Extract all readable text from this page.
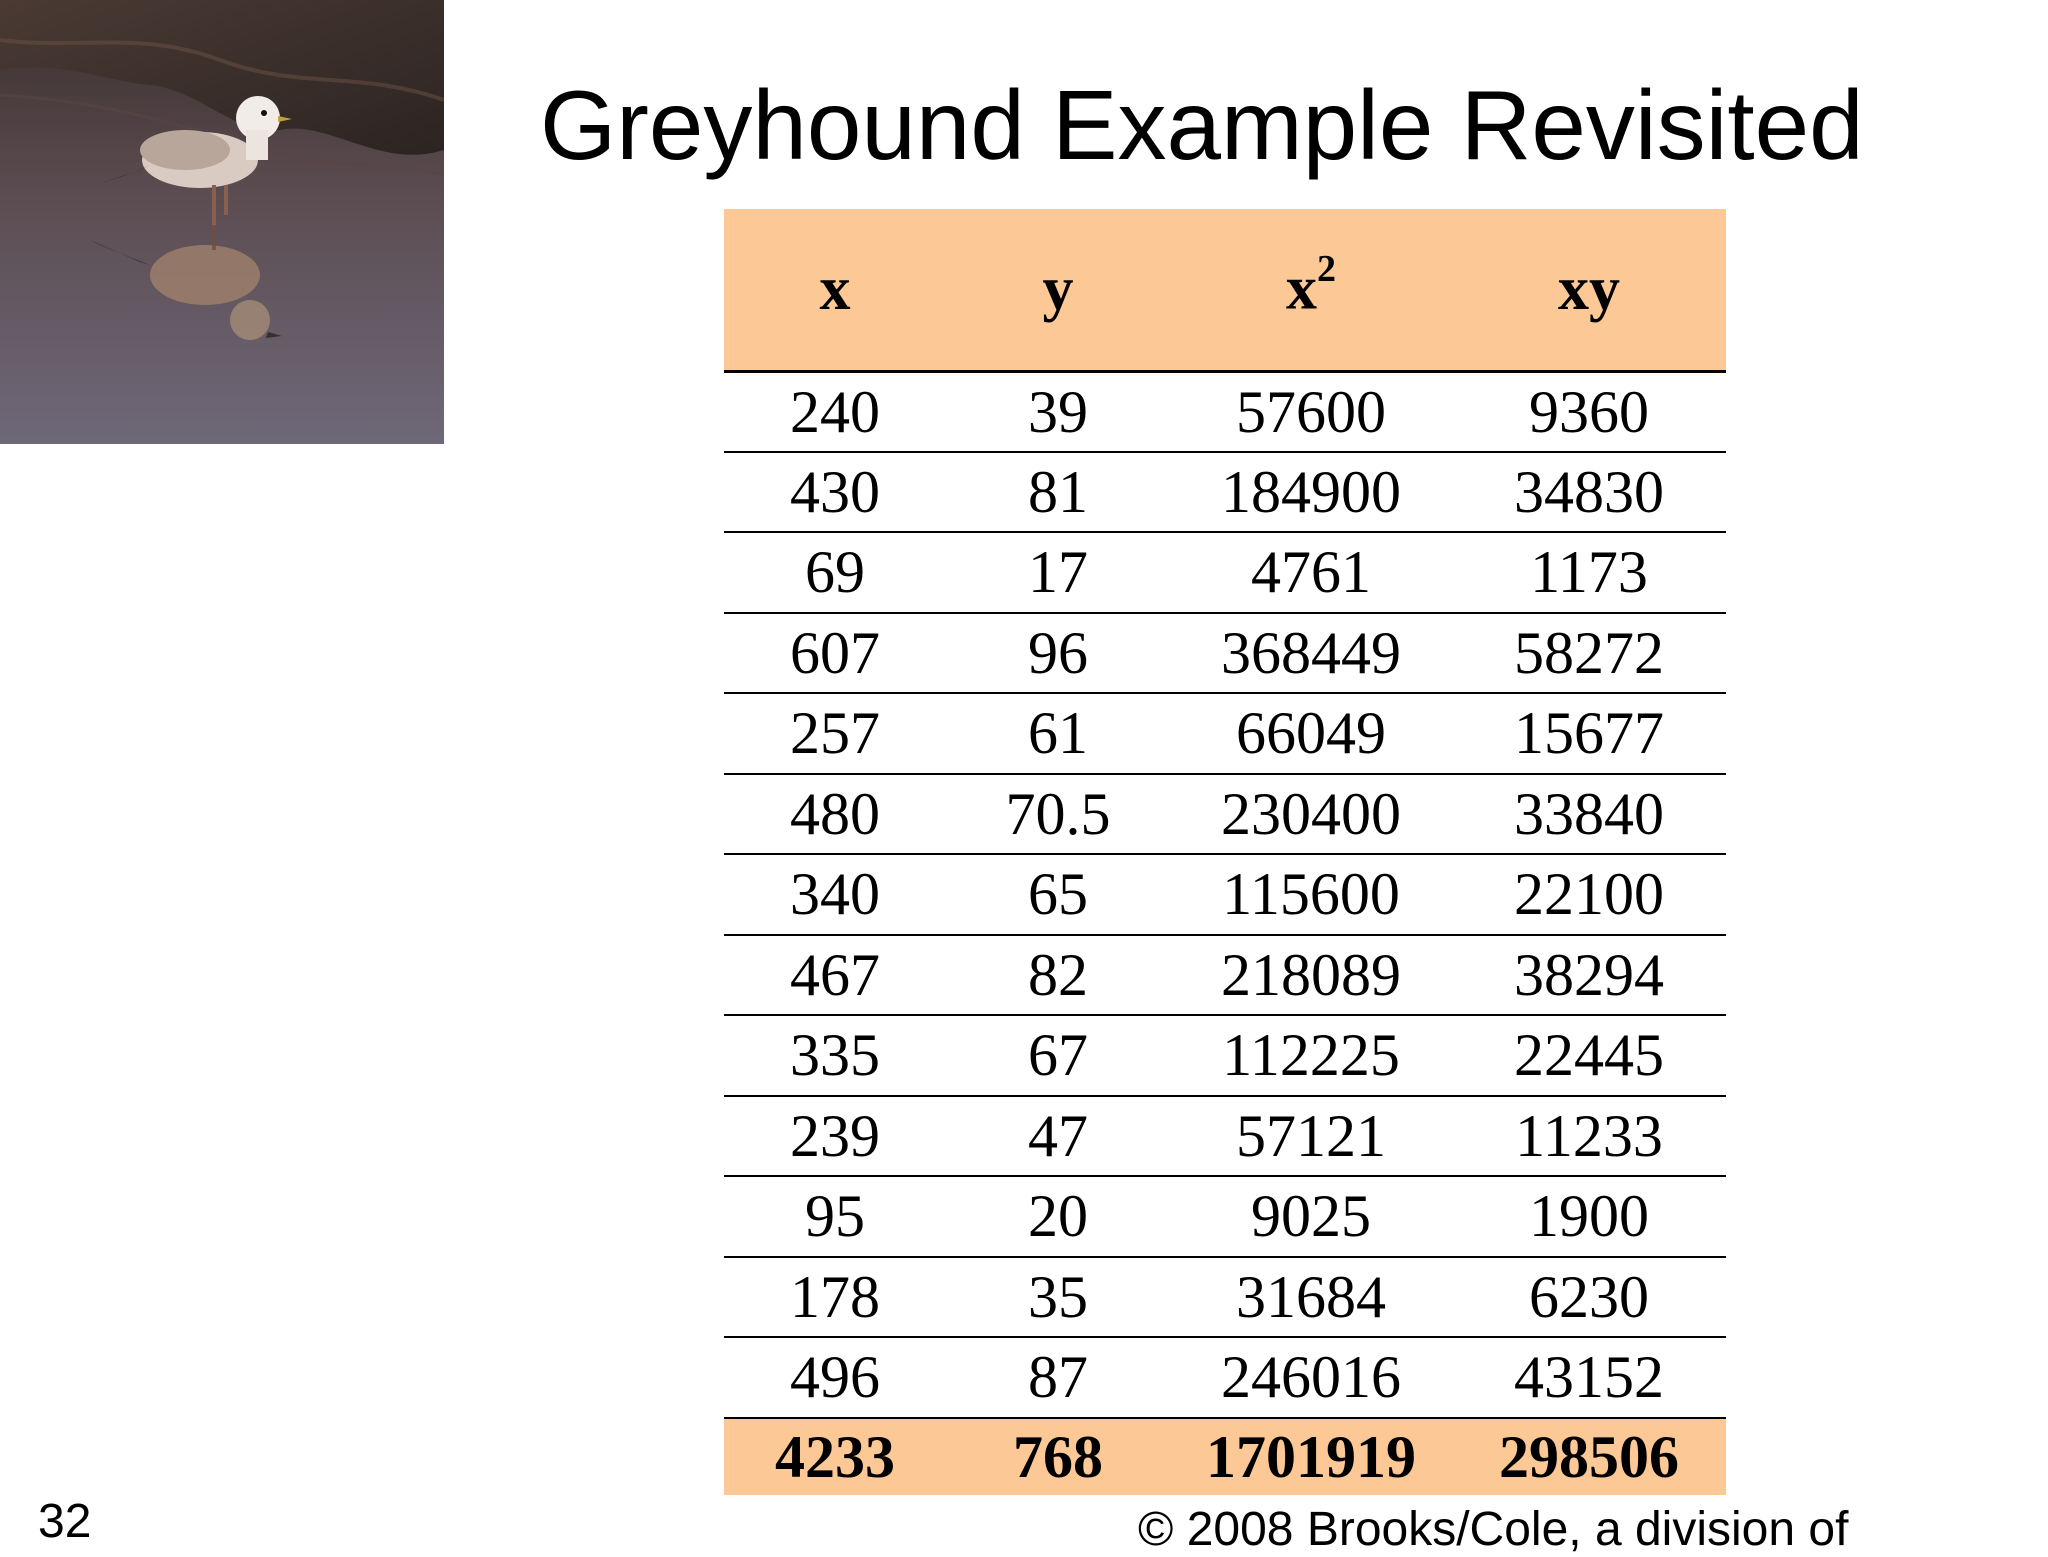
Greyhound Example Revisited
x	y	$x^2$	xy
240	39	57600	9360
430	81	184900	34830
69	17	4761	1173
607	96	368449	58272
257	61	66049	15677
480	70.5	230400	33840
340	65	115600	22100
467	82	218089	38294
335	67	112225	22445
239	47	57121	11233
95	20	9025	1900
178	35	31684	6230
496	87	246016	43152
4233	768	1701919	298506
32	© 2008 Brooks/Cole, a division of
